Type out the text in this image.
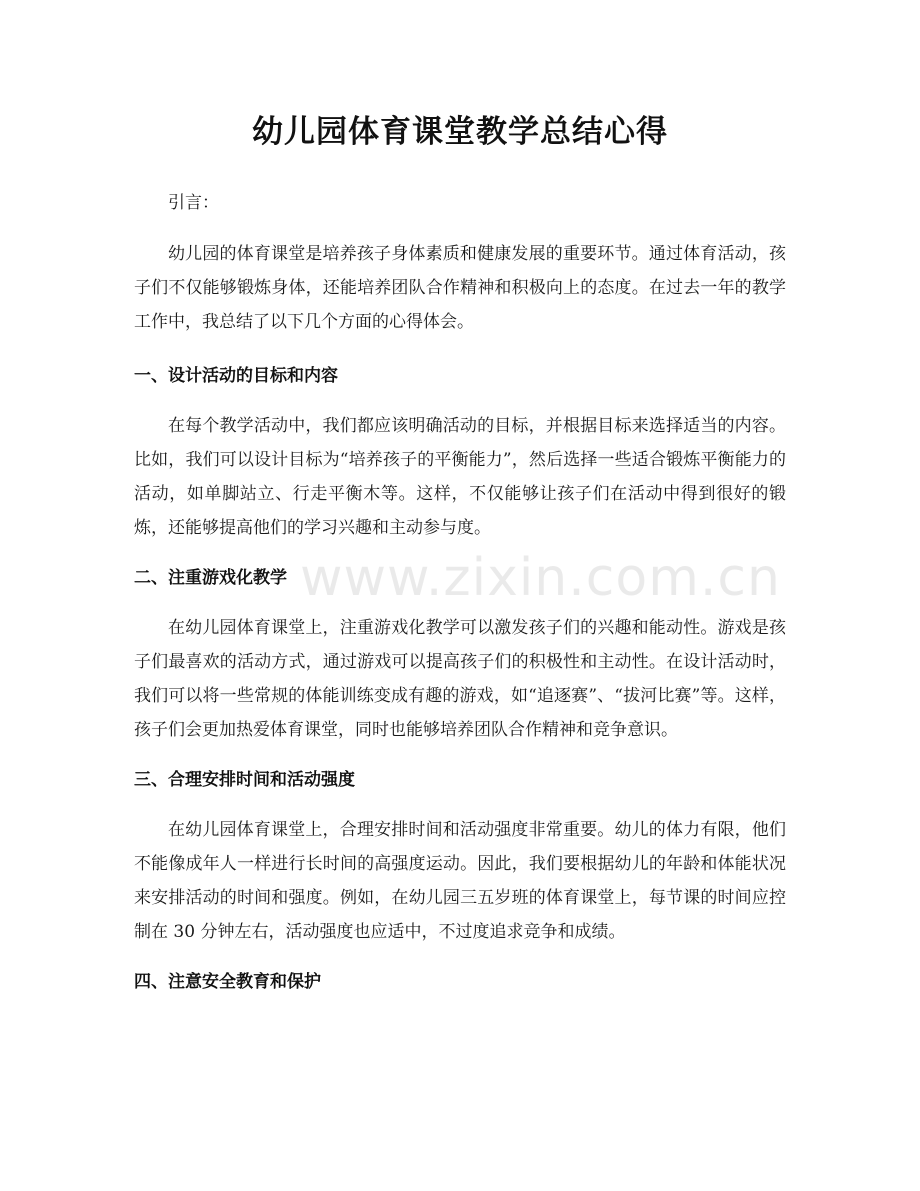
幼儿园体育课堂教学总结心得

引言：

幼儿园的体育课堂是培养孩子身体素质和健康发展的重要环节。通过体育活动，孩子们不仅能够锻炼身体，还能培养团队合作精神和积极向上的态度。在过去一年的教学工作中，我总结了以下几个方面的心得体会。

一、设计活动的目标和内容

在每个教学活动中，我们都应该明确活动的目标，并根据目标来选择适当的内容。比如，我们可以设计目标为“培养孩子的平衡能力”，然后选择一些适合锻炼平衡能力的活动，如单脚站立、行走平衡木等。这样，不仅能够让孩子们在活动中得到很好的锻炼，还能够提高他们的学习兴趣和主动参与度。

二、注重游戏化教学

在幼儿园体育课堂上，注重游戏化教学可以激发孩子们的兴趣和能动性。游戏是孩子们最喜欢的活动方式，通过游戏可以提高孩子们的积极性和主动性。在设计活动时，我们可以将一些常规的体能训练变成有趣的游戏，如“追逐赛”、“拔河比赛”等。这样，孩子们会更加热爱体育课堂，同时也能够培养团队合作精神和竞争意识。

三、合理安排时间和活动强度

在幼儿园体育课堂上，合理安排时间和活动强度非常重要。幼儿的体力有限，他们不能像成年人一样进行长时间的高强度运动。因此，我们要根据幼儿的年龄和体能状况来安排活动的时间和强度。例如，在幼儿园三五岁班的体育课堂上，每节课的时间应控制在 30 分钟左右，活动强度也应适中，不过度追求竞争和成绩。

四、注意安全教育和保护
www.zixin.com.cn
